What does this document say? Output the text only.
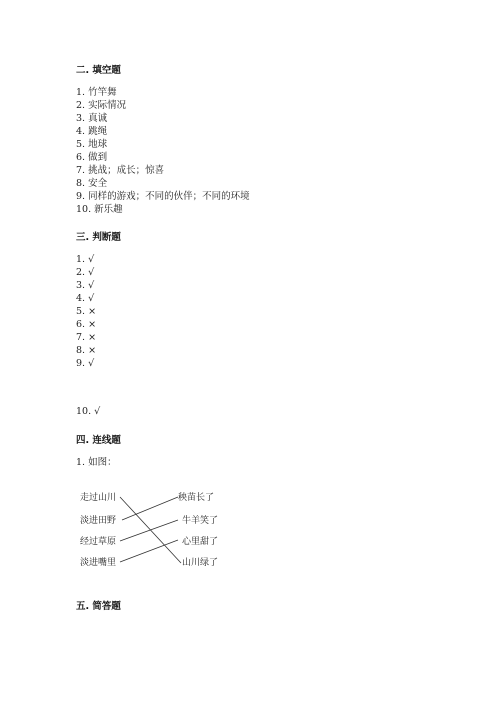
二. 填空题
1. 竹竿舞
2. 实际情况
3. 真诚
4. 跳绳
5. 地球
6. 做到
7. 挑战；成长；惊喜
8. 安全
9. 同样的游戏；不同的伙伴；不同的环境
10. 新乐趣
三. 判断题
1. √
2. √
3. √
4. √
5. ×
6. ×
7. ×
8. ×
9. √
10. √
四. 连线题
1. 如图：
走过山川
淡进田野
经过草原
淡进嘴里
秧苗长了
牛羊笑了
心里甜了
山川绿了
五. 简答题
